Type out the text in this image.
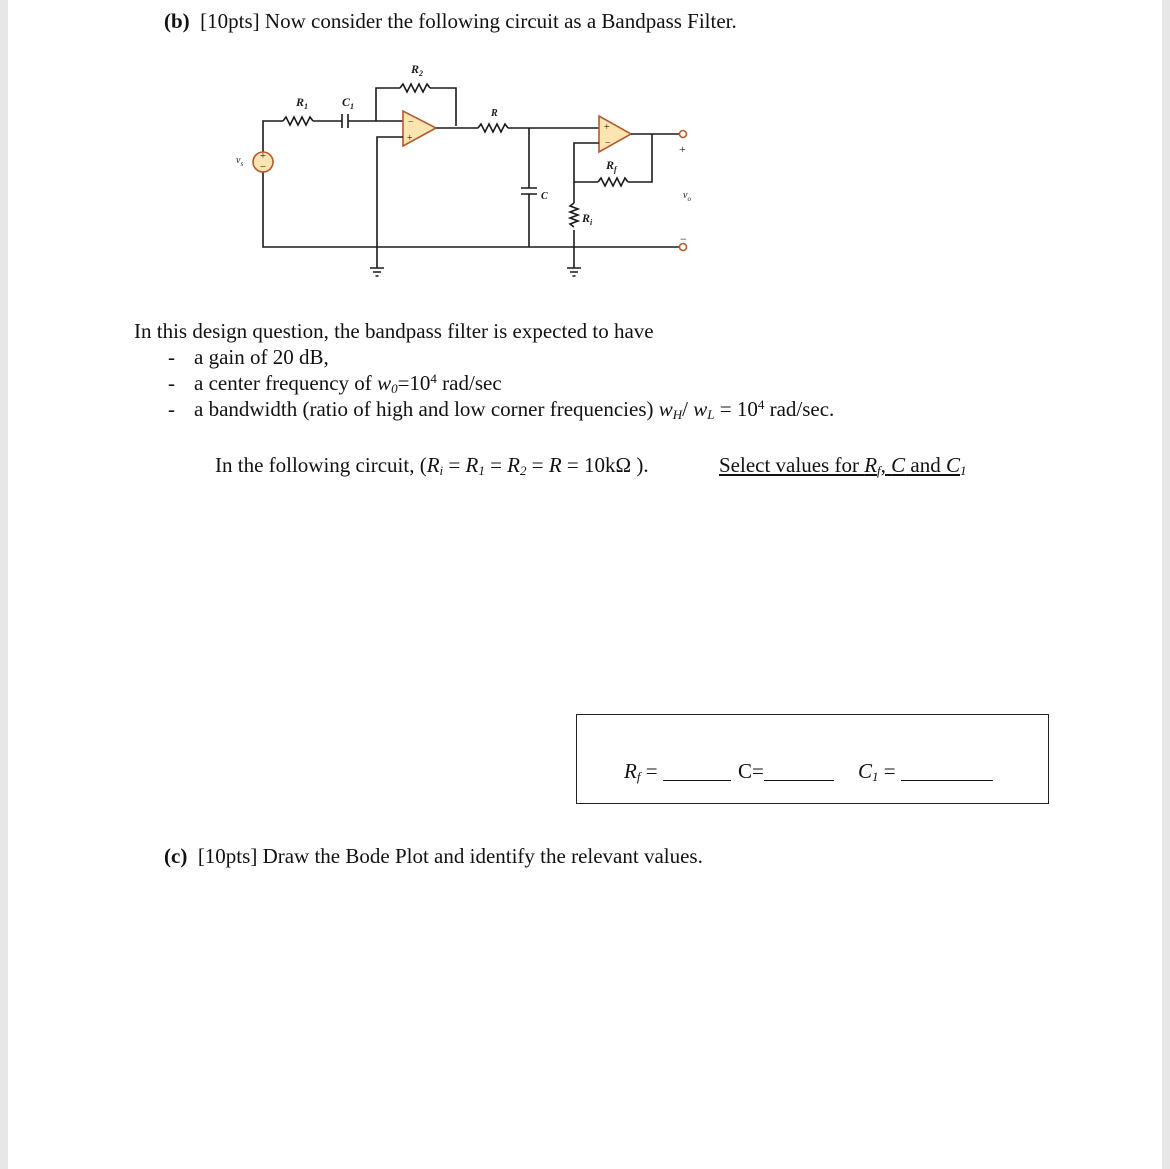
(b) [10pts] Now consider the following circuit as a Bandpass Filter.
+
−
−
+
+
−
$R_1$	$C_1$
$R_2$
R
$R_f$
C
$R_i$
$v_s$
$v_o$
+
−
In this design question, the bandpass filter is expected to have
- a gain of 20 dB,
- a center frequency of $w_0=10^4$ rad/sec
- a bandwidth (ratio of high and low corner frequencies) $w_H/$ $w_L = 10^4$ rad/sec.
In the following circuit, ($R_i = R_1 = R_2 = R = 10k\Omega$ ).	Select values for $R_f$, C and $C_1$
$R_f$ =	C=	$C_1$ =
(c) [10pts] Draw the Bode Plot and identify the relevant values.
